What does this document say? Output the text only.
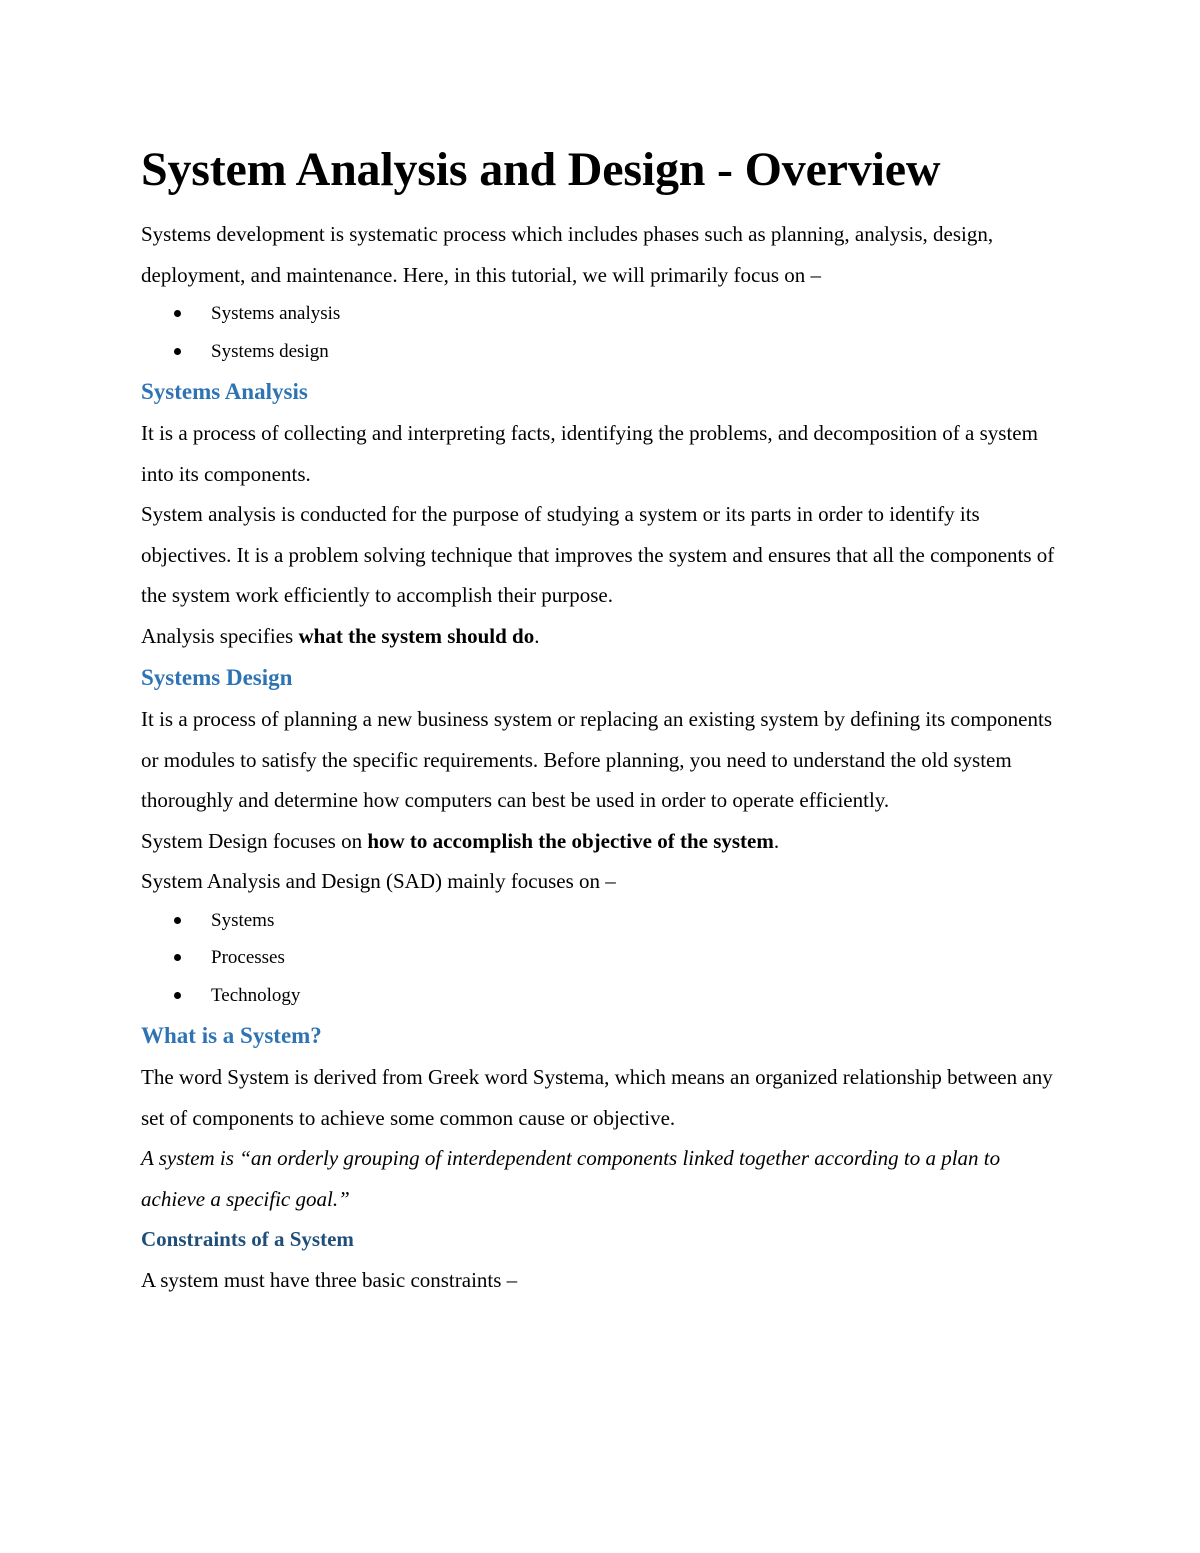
System Analysis and Design - Overview

Systems development is systematic process which includes phases such as planning, analysis, design, deployment, and maintenance. Here, in this tutorial, we will primarily focus on –

Systems analysis
Systems design
Systems Analysis

It is a process of collecting and interpreting facts, identifying the problems, and decomposition of a system into its components.

System analysis is conducted for the purpose of studying a system or its parts in order to identify its objectives. It is a problem solving technique that improves the system and ensures that all the components of the system work efficiently to accomplish their purpose.

Analysis specifies what the system should do.

Systems Design

It is a process of planning a new business system or replacing an existing system by defining its components or modules to satisfy the specific requirements. Before planning, you need to understand the old system thoroughly and determine how computers can best be used in order to operate efficiently.

System Design focuses on how to accomplish the objective of the system.

System Analysis and Design (SAD) mainly focuses on –

Systems
Processes
Technology
What is a System?

The word System is derived from Greek word Systema, which means an organized relationship between any set of components to achieve some common cause or objective.

A system is “an orderly grouping of interdependent components linked together according to a plan to achieve a specific goal.”

Constraints of a System

A system must have three basic constraints –
